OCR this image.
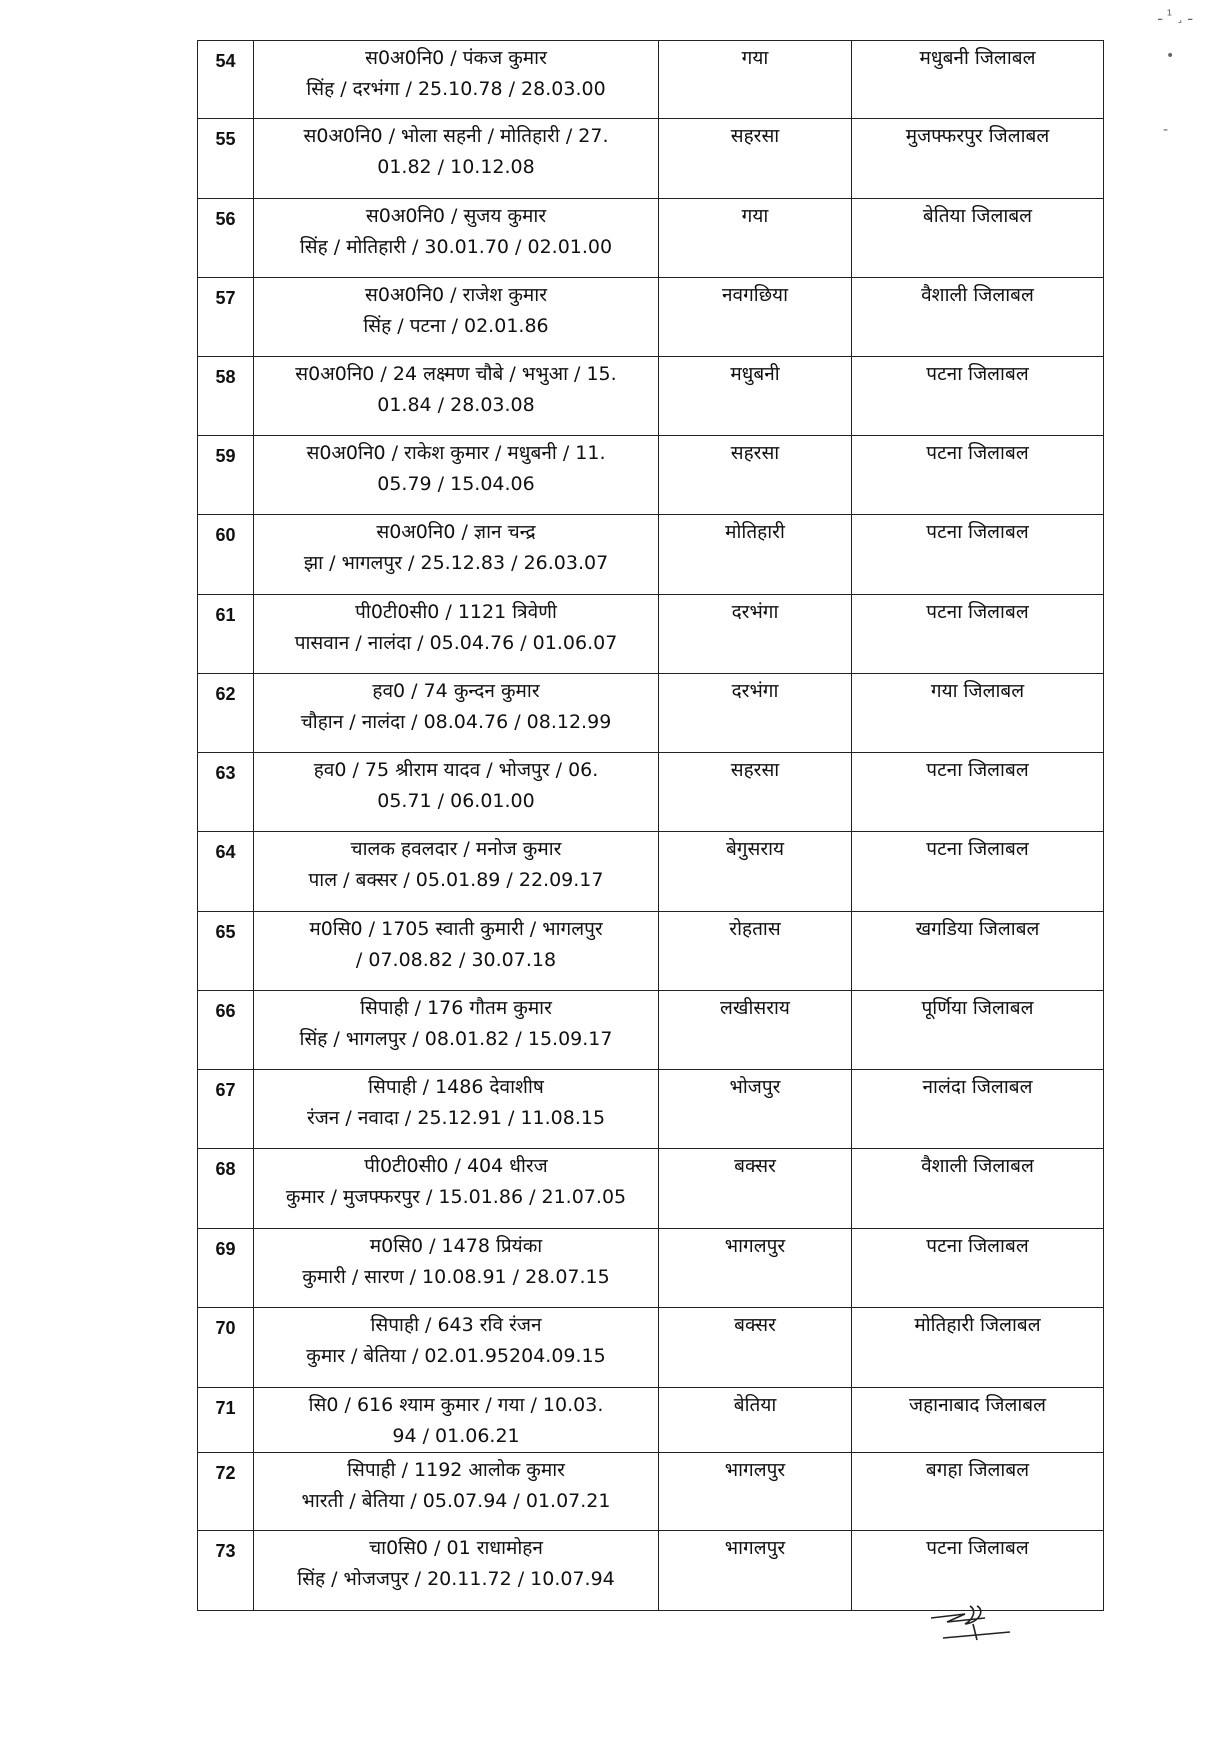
ـ ¸ ¹ ـ
•
-
54	स0अ0नि0 / पंकज कुमार
सिंह / दरभंगा / 25.10.78 / 28.03.00	गया	मधुबनी जिलाबल
55	स0अ0नि0 / भोला सहनी / मोतिहारी / 27.
01.82 / 10.12.08	सहरसा	मुजफ्फरपुर जिलाबल
56	स0अ0नि0 / सुजय कुमार
सिंह / मोतिहारी / 30.01.70 / 02.01.00	गया	बेतिया जिलाबल
57	स0अ0नि0 / राजेश कुमार
सिंह / पटना / 02.01.86	नवगछिया	वैशाली जिलाबल
58	स0अ0नि0 / 24 लक्ष्मण चौबे / भभुआ / 15.
01.84 / 28.03.08	मधुबनी	पटना जिलाबल
59	स0अ0नि0 / राकेश कुमार / मधुबनी / 11.
05.79 / 15.04.06	सहरसा	पटना जिलाबल
60	स0अ0नि0 / ज्ञान चन्द्र
झा / भागलपुर / 25.12.83 / 26.03.07	मोतिहारी	पटना जिलाबल
61	पी0टी0सी0 / 1121 त्रिवेणी
पासवान / नालंदा / 05.04.76 / 01.06.07	दरभंगा	पटना जिलाबल
62	हव0 / 74 कुन्दन कुमार
चौहान / नालंदा / 08.04.76 / 08.12.99	दरभंगा	गया जिलाबल
63	हव0 / 75 श्रीराम यादव / भोजपुर / 06.
05.71 / 06.01.00	सहरसा	पटना जिलाबल
64	चालक हवलदार / मनोज कुमार
पाल / बक्सर / 05.01.89 / 22.09.17	बेगुसराय	पटना जिलाबल
65	म0सि0 / 1705 स्वाती कुमारी / भागलपुर
/ 07.08.82 / 30.07.18	रोहतास	खगडिया जिलाबल
66	सिपाही / 176 गौतम कुमार
सिंह / भागलपुर / 08.01.82 / 15.09.17	लखीसराय	पूर्णिया जिलाबल
67	सिपाही / 1486 देवाशीष
रंजन / नवादा / 25.12.91 / 11.08.15	भोजपुर	नालंदा जिलाबल
68	पी0टी0सी0 / 404 धीरज
कुमार / मुजफ्फरपुर / 15.01.86 / 21.07.05	बक्सर	वैशाली जिलाबल
69	म0सि0 / 1478 प्रियंका
कुमारी / सारण / 10.08.91 / 28.07.15	भागलपुर	पटना जिलाबल
70	सिपाही / 643 रवि रंजन
कुमार / बेतिया / 02.01.95204.09.15	बक्सर	मोतिहारी जिलाबल
71	सि0 / 616 श्याम कुमार / गया / 10.03.
94 / 01.06.21	बेतिया	जहानाबाद जिलाबल
72	सिपाही / 1192 आलोक कुमार
भारती / बेतिया / 05.07.94 / 01.07.21	भागलपुर	बगहा जिलाबल
73	चा0सि0 / 01 राधामोहन
सिंह / भोजजपुर / 20.11.72 / 10.07.94	भागलपुर	पटना जिलाबल
